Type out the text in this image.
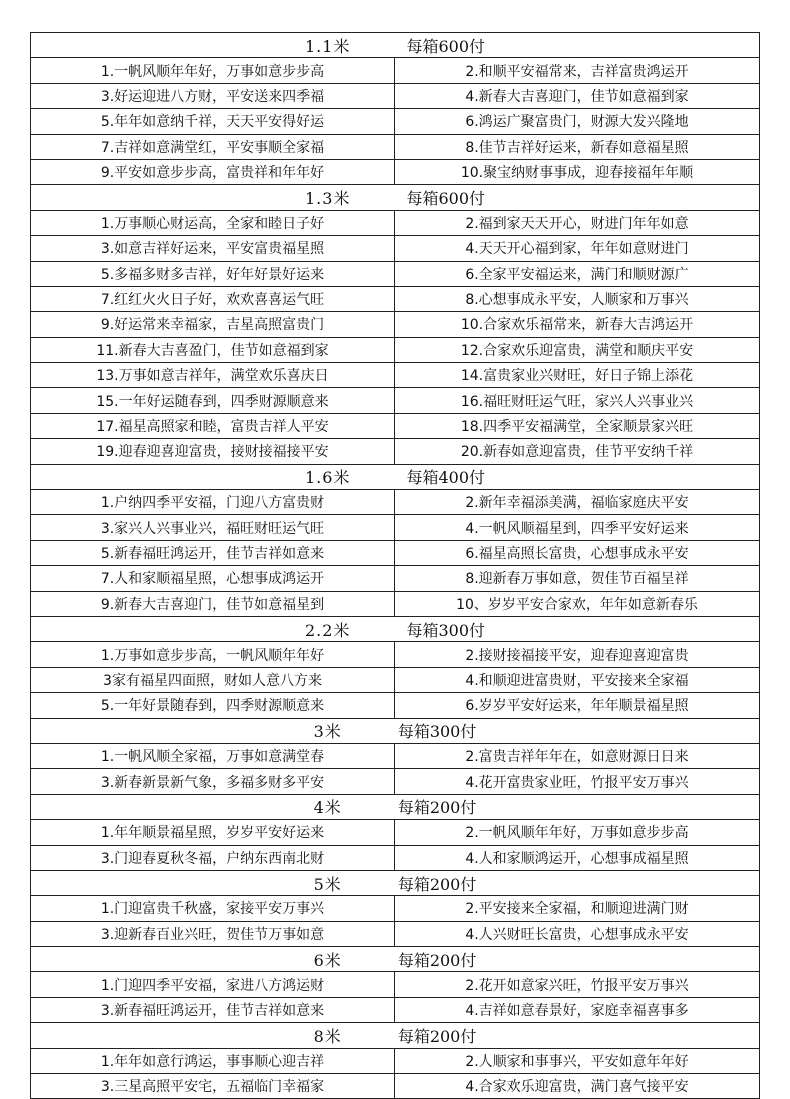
1.1米	每箱600付
1.一帆风顺年年好，万事如意步步高	2.和顺平安福常来，吉祥富贵鸿运开
3.好运迎进八方财，平安送来四季福	4.新春大吉喜迎门，佳节如意福到家
5.年年如意纳千祥，天天平安得好运	6.鸿运广聚富贵门，财源大发兴隆地
7.吉祥如意满堂红，平安事顺全家福	8.佳节吉祥好运来，新春如意福星照
9.平安如意步步高，富贵祥和年年好	10.聚宝纳财事事成，迎春接福年年顺
1.3米	每箱600付
1.万事顺心财运高，全家和睦日子好	2.福到家天天开心，财进门年年如意
3.如意吉祥好运来，平安富贵福星照	4.天天开心福到家，年年如意财进门
5.多福多财多吉祥，好年好景好运来	6.全家平安福运来，满门和顺财源广
7.红红火火日子好，欢欢喜喜运气旺	8.心想事成永平安，人顺家和万事兴
9.好运常来幸福家，吉星高照富贵门	10.合家欢乐福常来，新春大吉鸿运开
11.新春大吉喜盈门，佳节如意福到家	12.合家欢乐迎富贵，满堂和顺庆平安
13.万事如意吉祥年，满堂欢乐喜庆日	14.富贵家业兴财旺，好日子锦上添花
15.一年好运随春到，四季财源顺意来	16.福旺财旺运气旺，家兴人兴事业兴
17.福星高照家和睦，富贵吉祥人平安	18.四季平安福满堂，全家顺景家兴旺
19.迎春迎喜迎富贵，接财接福接平安	20.新春如意迎富贵，佳节平安纳千祥
1.6米	每箱400付
1.户纳四季平安福，门迎八方富贵财	2.新年幸福添美满，福临家庭庆平安
3.家兴人兴事业兴，福旺财旺运气旺	4.一帆风顺福星到，四季平安好运来
5.新春福旺鸿运开，佳节吉祥如意来	6.福星高照长富贵，心想事成永平安
7.人和家顺福星照，心想事成鸿运开	8.迎新春万事如意，贺佳节百福呈祥
9.新春大吉喜迎门，佳节如意福星到	10、岁岁平安合家欢，年年如意新春乐
2.2米	每箱300付
1.万事如意步步高，一帆风顺年年好	2.接财接福接平安，迎春迎喜迎富贵
3家有福星四面照，财如人意八方来	4.和顺迎进富贵财，平安接来全家福
5.一年好景随春到，四季财源顺意来	6.岁岁平安好运来，年年顺景福星照
3米	每箱300付
1.一帆风顺全家福，万事如意满堂春	2.富贵吉祥年年在，如意财源日日来
3.新春新景新气象，多福多财多平安	4.花开富贵家业旺，竹报平安万事兴
4米	每箱200付
1.年年顺景福星照，岁岁平安好运来	2.一帆风顺年年好，万事如意步步高
3.门迎春夏秋冬福，户纳东西南北财	4.人和家顺鸿运开，心想事成福星照
5米	每箱200付
1.门迎富贵千秋盛，家接平安万事兴	2.平安接来全家福，和顺迎进满门财
3.迎新春百业兴旺，贺佳节万事如意	4.人兴财旺长富贵，心想事成永平安
6米	每箱200付
1.门迎四季平安福，家进八方鸿运财	2.花开如意家兴旺，竹报平安万事兴
3.新春福旺鸿运开，佳节吉祥如意来	4.吉祥如意春景好，家庭幸福喜事多
8米	每箱200付
1.年年如意行鸿运，事事顺心迎吉祥	2.人顺家和事事兴，平安如意年年好
3.三星高照平安宅，五福临门幸福家	4.合家欢乐迎富贵，满门喜气接平安
